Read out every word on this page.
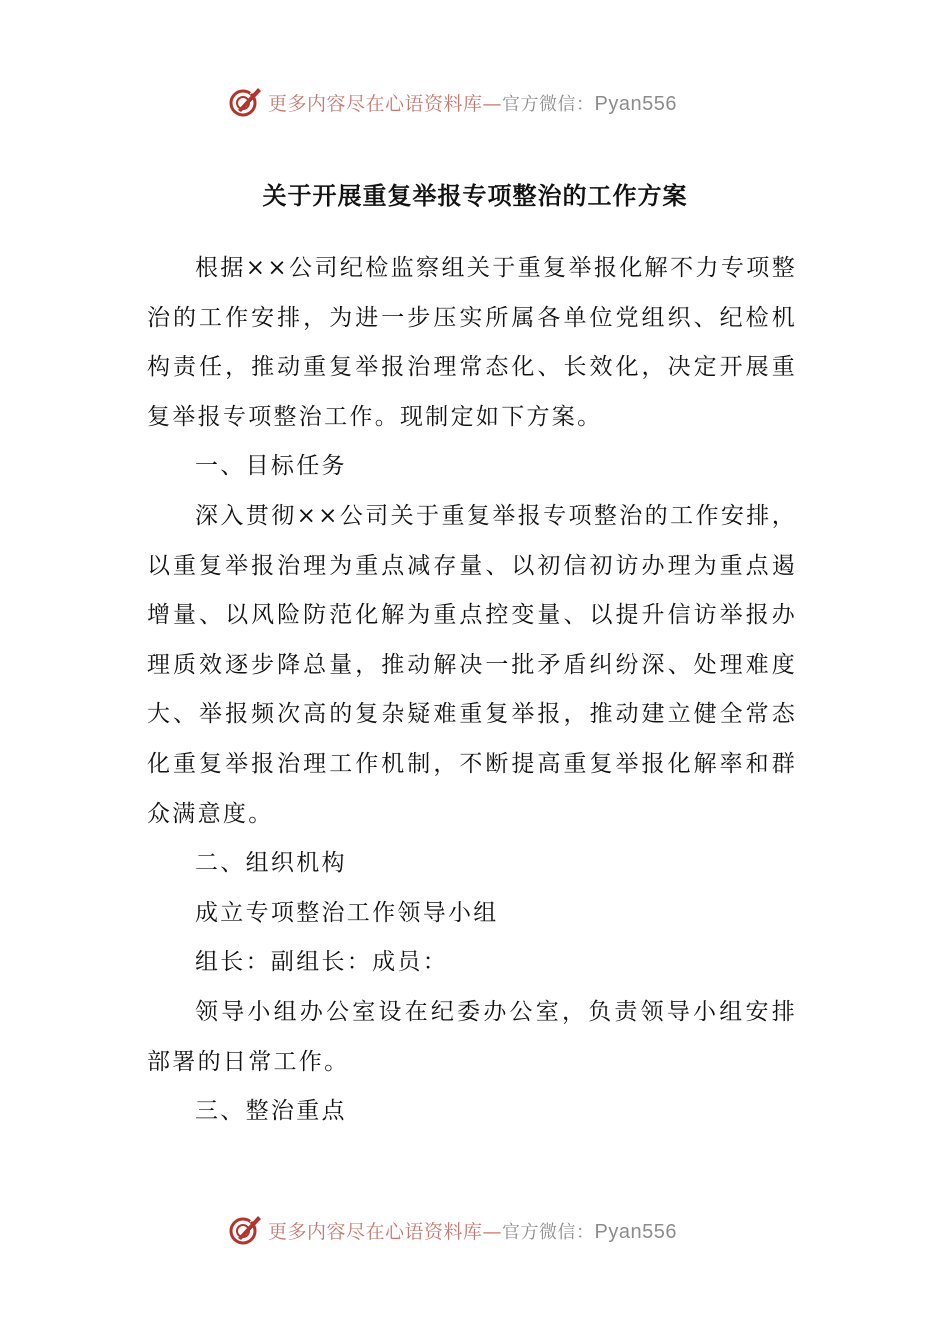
更多内容尽在心语资料库—官方微信：Pyan556
关于开展重复举报专项整治的工作方案

根据××公司纪检监察组关于重复举报化解不力专项整治的工作安排，为进一步压实所属各单位党组织、纪检机构责任，推动重复举报治理常态化、长效化，决定开展重复举报专项整治工作。现制定如下方案。

一、目标任务

深入贯彻××公司关于重复举报专项整治的工作安排，以重复举报治理为重点减存量、以初信初访办理为重点遏增量、以风险防范化解为重点控变量、以提升信访举报办理质效逐步降总量，推动解决一批矛盾纠纷深、处理难度大、举报频次高的复杂疑难重复举报，推动建立健全常态化重复举报治理工作机制，不断提高重复举报化解率和群众满意度。

二、组织机构

成立专项整治工作领导小组

组长：副组长：成员：

领导小组办公室设在纪委办公室，负责领导小组安排部署的日常工作。

三、整治重点

更多内容尽在心语资料库—官方微信：Pyan556
